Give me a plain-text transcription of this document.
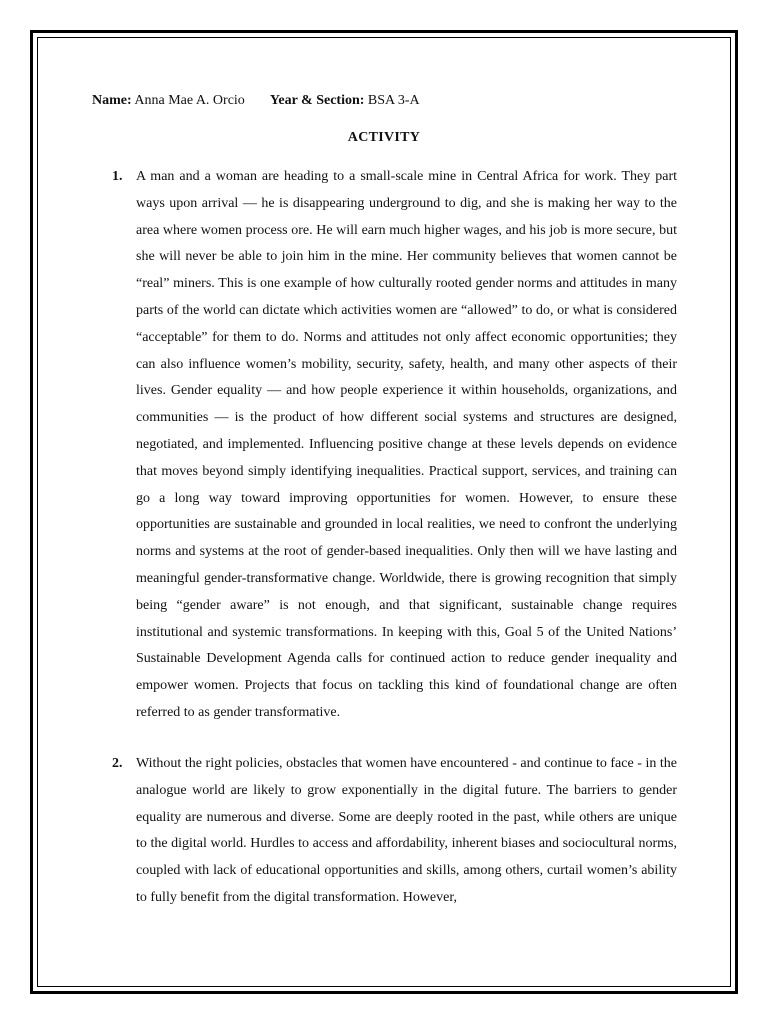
Name: Anna Mae A. Orcio Year & Section: BSA 3-A
ACTIVITY
1. A man and a woman are heading to a small-scale mine in Central Africa for work. They part ways upon arrival — he is disappearing underground to dig, and she is making her way to the area where women process ore. He will earn much higher wages, and his job is more secure, but she will never be able to join him in the mine. Her community believes that women cannot be “real” miners. This is one example of how culturally rooted gender norms and attitudes in many parts of the world can dictate which activities women are “allowed” to do, or what is considered “acceptable” for them to do. Norms and attitudes not only affect economic opportunities; they can also influence women’s mobility, security, safety, health, and many other aspects of their lives. Gender equality — and how people experience it within households, organizations, and communities — is the product of how different social systems and structures are designed, negotiated, and implemented. Influencing positive change at these levels depends on evidence that moves beyond simply identifying inequalities. Practical support, services, and training can go a long way toward improving opportunities for women. However, to ensure these opportunities are sustainable and grounded in local realities, we need to confront the underlying norms and systems at the root of gender-based inequalities. Only then will we have lasting and meaningful gender-transformative change. Worldwide, there is growing recognition that simply being “gender aware” is not enough, and that significant, sustainable change requires institutional and systemic transformations. In keeping with this, Goal 5 of the United Nations’ Sustainable Development Agenda calls for continued action to reduce gender inequality and empower women. Projects that focus on tackling this kind of foundational change are often referred to as gender transformative.
2. Without the right policies, obstacles that women have encountered - and continue to face - in the analogue world are likely to grow exponentially in the digital future. The barriers to gender equality are numerous and diverse. Some are deeply rooted in the past, while others are unique to the digital world. Hurdles to access and affordability, inherent biases and sociocultural norms, coupled with lack of educational opportunities and skills, among others, curtail women’s ability to fully benefit from the digital transformation. However,
